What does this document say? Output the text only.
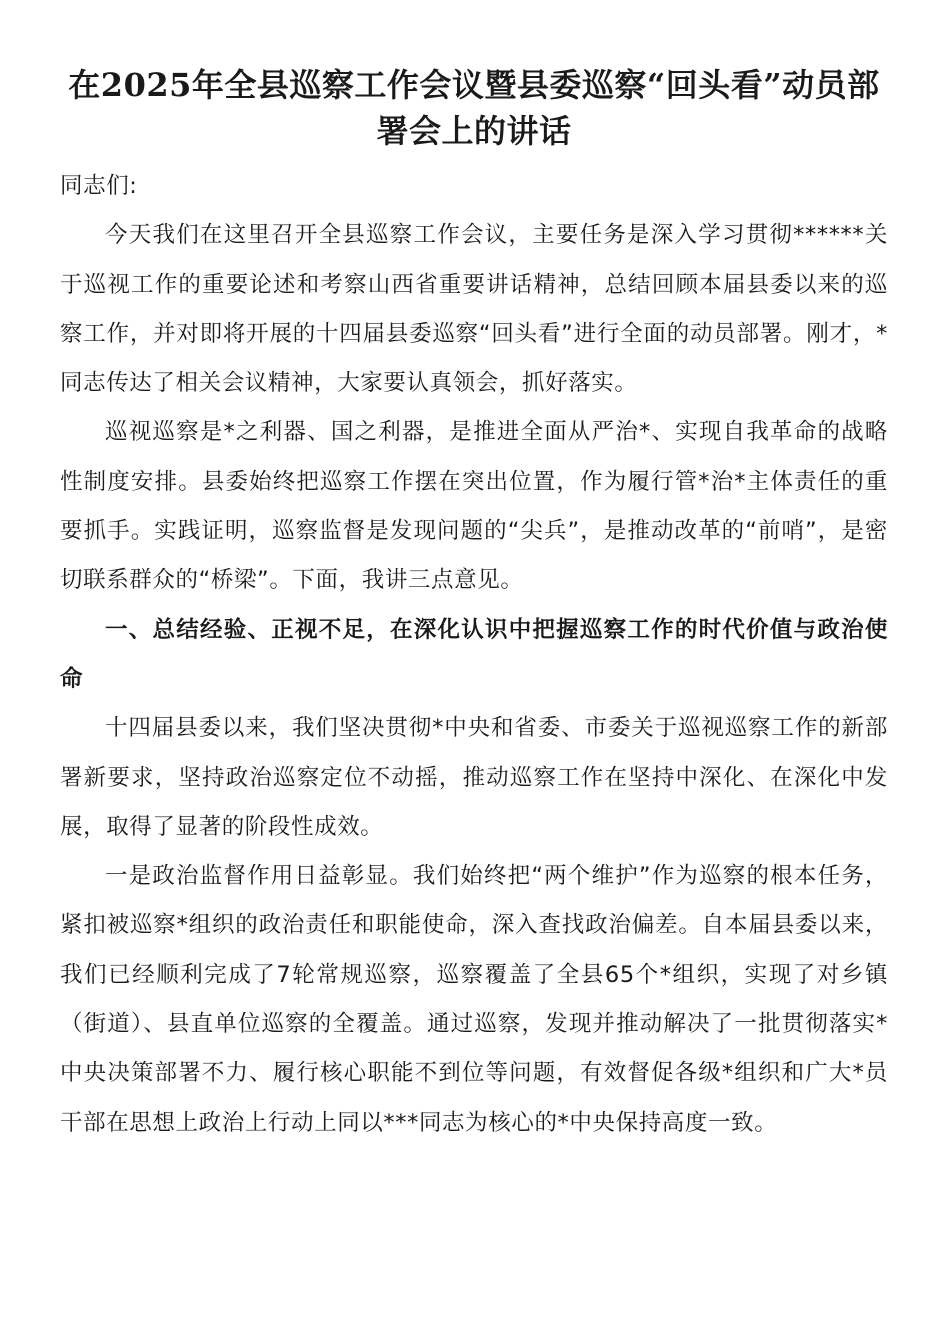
在2025年全县巡察工作会议暨县委巡察“回头看”动员部署会上的讲话

同志们:

今天我们在这里召开全县巡察工作会议，主要任务是深入学习贯彻******关于巡视工作的重要论述和考察山西省重要讲话精神，总结回顾本届县委以来的巡察工作，并对即将开展的十四届县委巡察“回头看”进行全面的动员部署。刚才，*同志传达了相关会议精神，大家要认真领会，抓好落实。

巡视巡察是*之利器、国之利器，是推进全面从严治*、实现自我革命的战略性制度安排。县委始终把巡察工作摆在突出位置，作为履行管*治*主体责任的重要抓手。实践证明，巡察监督是发现问题的“尖兵”，是推动改革的“前哨”，是密切联系群众的“桥梁”。下面，我讲三点意见。

一、总结经验、正视不足，在深化认识中把握巡察工作的时代价值与政治使命

十四届县委以来，我们坚决贯彻*中央和省委、市委关于巡视巡察工作的新部署新要求，坚持政治巡察定位不动摇，推动巡察工作在坚持中深化、在深化中发展，取得了显著的阶段性成效。

一是政治监督作用日益彰显。我们始终把“两个维护”作为巡察的根本任务，紧扣被巡察*组织的政治责任和职能使命，深入查找政治偏差。自本届县委以来，我们已经顺利完成了7轮常规巡察，巡察覆盖了全县65个*组织，实现了对乡镇（街道）、县直单位巡察的全覆盖。通过巡察，发现并推动解决了一批贯彻落实*中央决策部署不力、履行核心职能不到位等问题，有效督促各级*组织和广大*员干部在思想上政治上行动上同以***同志为核心的*中央保持高度一致。
